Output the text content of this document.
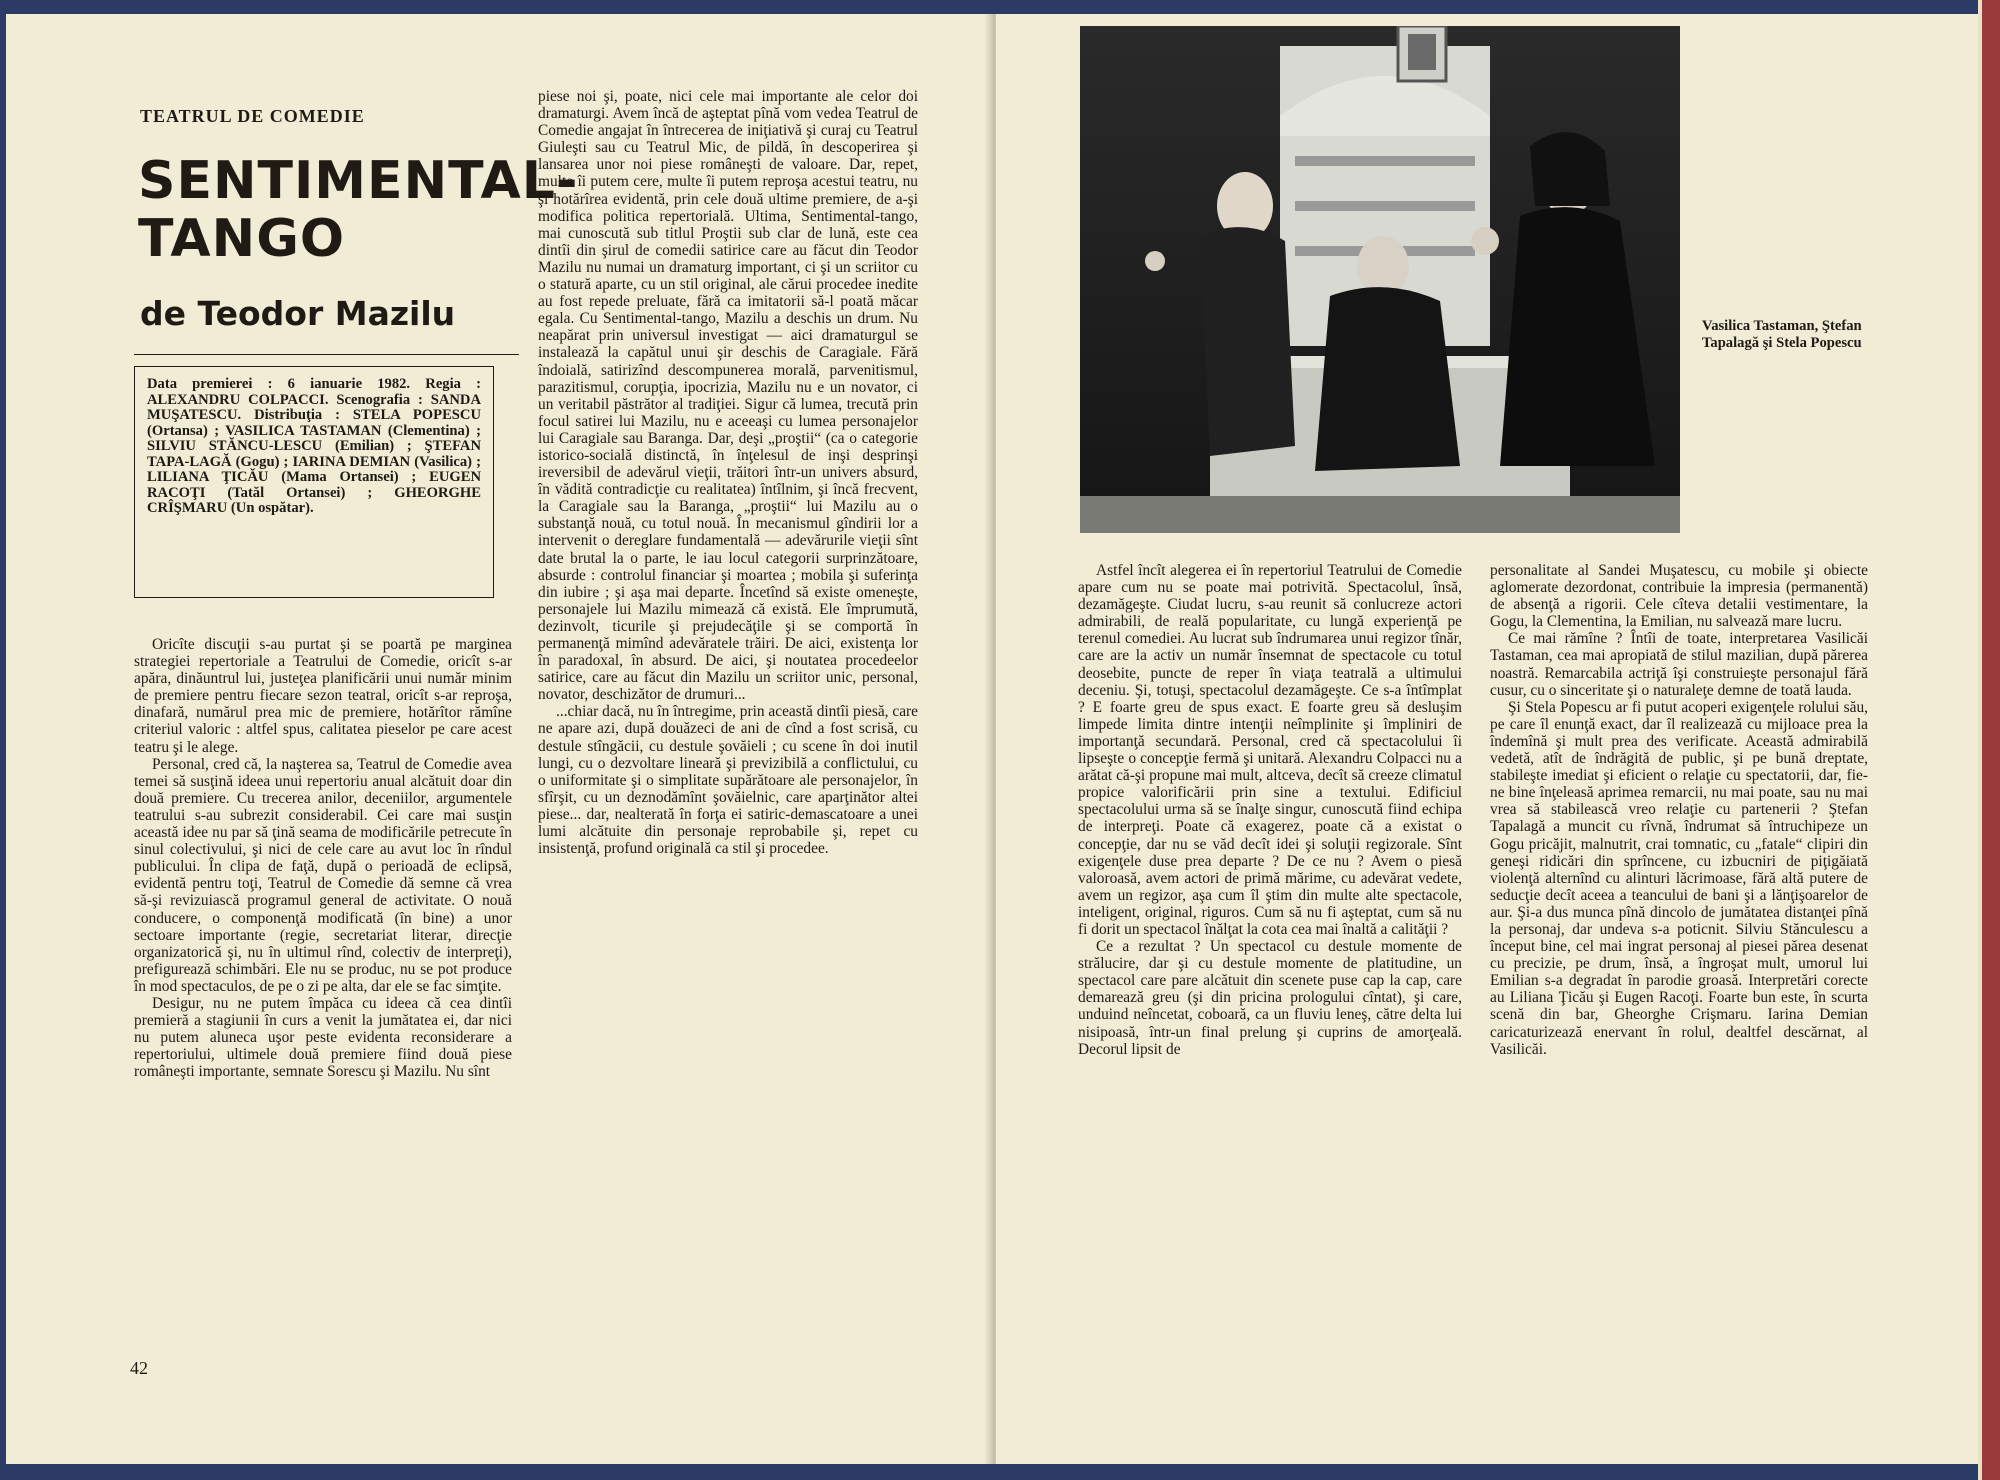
TEATRUL DE COMEDIE
SENTIMENTAL-
TANGO
de Teodor Mazilu
Data premierei : 6 ianuarie 1982. Regia : ALEXANDRU COLPACCI. Scenografia : SANDA MUŞATESCU. Distribuţia : STELA POPESCU (Ortansa) ; VASILICA TASTAMAN (Clementina) ; SILVIU STĂNCU-LESCU (Emilian) ; ŞTEFAN TAPA-LAGĂ (Gogu) ; IARINA DEMIAN (Vasilica) ; LILIANA ŢICĂU (Mama Ortansei) ; EUGEN RACOŢI (Tatăl Ortansei) ; GHEORGHE CRÎŞMARU (Un ospătar).

Oricîte discuţii s-au purtat şi se poartă pe marginea strategiei repertoriale a Teatrului de Comedie, oricît s-ar apăra, dinăuntrul lui, justeţea planificării unui număr minim de premiere pentru fiecare sezon teatral, oricît s-ar reproşa, dinafară, numărul prea mic de premiere, hotărîtor rămîne criteriul valoric : altfel spus, calitatea pieselor pe care acest teatru şi le alege.

Personal, cred că, la naşterea sa, Teatrul de Comedie avea temei să susţină ideea unui repertoriu anual alcătuit doar din două premiere. Cu trecerea anilor, deceniilor, argumentele teatrului s-au subrezit considerabil. Cei care mai susţin această idee nu par să ţină seama de modificările petrecute în sinul colectivului, şi nici de cele care au avut loc în rîndul publicului. În clipa de faţă, după o perioadă de eclipsă, evidentă pentru toţi, Teatrul de Comedie dă semne că vrea să-şi revizuiască programul general de activitate. O nouă conducere, o componenţă modificată (în bine) a unor sectoare importante (regie, secretariat literar, direcţie organizatorică şi, nu în ultimul rînd, colectiv de interpreţi), prefigurează schimbări. Ele nu se produc, nu se pot produce în mod spectaculos, de pe o zi pe alta, dar ele se fac simţite.

Desigur, nu ne putem împăca cu ideea că cea dintîi premieră a stagiunii în curs a venit la jumătatea ei, dar nici nu putem aluneca uşor peste evidenta reconsiderare a repertoriului, ultimele două premiere fiind două piese româneşti importante, semnate Sorescu şi Mazilu. Nu sînt

42

piese noi şi, poate, nici cele mai importante ale celor doi dramaturgi. Avem încă de aşteptat pînă vom vedea Teatrul de Comedie angajat în întrecerea de iniţiativă şi curaj cu Teatrul Giuleşti sau cu Teatrul Mic, de pildă, în descoperirea şi lansarea unor noi piese româneşti de valoare. Dar, repet, multe îi putem cere, multe îi putem reproşa acestui teatru, nu şi hotărîrea evidentă, prin cele două ultime premiere, de a-şi modifica politica repertorială. Ultima, Sentimental-tango, mai cunoscută sub titlul Proştii sub clar de lună, este cea dintîi din şirul de comedii satirice care au făcut din Teodor Mazilu nu numai un dramaturg important, ci şi un scriitor cu o statură aparte, cu un stil original, ale cărui procedee inedite au fost repede preluate, fără ca imitatorii să-l poată măcar egala. Cu Sentimental-tango, Mazilu a deschis un drum. Nu neapărat prin universul investigat — aici dramaturgul se instalează la capătul unui şir deschis de Caragiale. Fără îndoială, satirizînd descompunerea morală, parvenitismul, parazitismul, corupţia, ipocrizia, Mazilu nu e un novator, ci un veritabil păstrător al tradiţiei. Sigur că lumea, trecută prin focul satirei lui Mazilu, nu e aceeaşi cu lumea personajelor lui Caragiale sau Baranga. Dar, deşi „proştii“ (ca o categorie istorico-socială distinctă, în înţelesul de inşi desprinşi ireversibil de adevărul vieţii, trăitori într-un univers absurd, în vădită contradicţie cu realitatea) întîlnim, şi încă frecvent, la Caragiale sau la Baranga, „proştii“ lui Mazilu au o substanţă nouă, cu totul nouă. În mecanismul gîndirii lor a intervenit o dereglare fundamentală — adevărurile vieţii sînt date brutal la o parte, le iau locul categorii surprinzătoare, absurde : controlul financiar şi moartea ; mobila şi suferinţa din iubire ; şi aşa mai departe. Încetînd să existe omeneşte, personajele lui Mazilu mimează că există. Ele împrumută, dezinvolt, ticurile şi prejudecăţile şi se comportă în permanenţă mimînd adevăratele trăiri. De aici, existenţa lor în paradoxal, în absurd. De aici, şi noutatea procedeelor satirice, care au făcut din Mazilu un scriitor unic, personal, novator, deschizător de drumuri...

...chiar dacă, nu în întregime, prin această dintîi piesă, care ne apare azi, după douăzeci de ani de cînd a fost scrisă, cu destule stîngăcii, cu destule şovăieli ; cu scene în doi inutil lungi, cu o dezvoltare lineară şi previzibilă a conflictului, cu o uniformitate şi o simplitate supărătoare ale personajelor, în sfîrşit, cu un deznodămînt şovăielnic, care aparţinător altei piese... dar, nealterată în forţa ei satiric-demascatoare a unei lumi alcătuite din personaje reprobabile şi, repet cu insistenţă, profund originală ca stil şi procedee.

Vasilica Tastaman, Ştefan Tapalagă şi Stela Popescu

Astfel încît alegerea ei în repertoriul Teatrului de Comedie apare cum nu se poate mai potrivită. Spectacolul, însă, dezamăgeşte. Ciudat lucru, s-au reunit să conlucreze actori admirabili, de reală popularitate, cu lungă experienţă pe terenul comediei. Au lucrat sub îndrumarea unui regizor tînăr, care are la activ un număr însemnat de spectacole cu totul deosebite, puncte de reper în viaţa teatrală a ultimului deceniu. Şi, totuşi, spectacolul dezamăgeşte. Ce s-a întîmplat ? E foarte greu de spus exact. E foarte greu să desluşim limpede limita dintre intenţii neîmplinite şi împliniri de importanţă secundară. Personal, cred că spectacolului îi lipseşte o concepţie fermă şi unitară. Alexandru Colpacci nu a arătat că-şi propune mai mult, altceva, decît să creeze climatul propice valorificării prin sine a textului. Edificiul spectacolului urma să se înalţe singur, cunoscută fiind echipa de interpreţi. Poate că exagerez, poate că a existat o concepţie, dar nu se văd decît idei şi soluţii regizorale. Sînt exigenţele duse prea departe ? De ce nu ? Avem o piesă valoroasă, avem actori de primă mărime, cu adevărat vedete, avem un regizor, aşa cum îl ştim din multe alte spectacole, inteligent, original, riguros. Cum să nu fi aşteptat, cum să nu fi dorit un spectacol înălţat la cota cea mai înaltă a calităţii ?

Ce a rezultat ? Un spectacol cu destule momente de strălucire, dar şi cu destule momente de platitudine, un spectacol care pare alcătuit din scenete puse cap la cap, care demarează greu (şi din pricina prologului cîntat), şi care, unduind neîncetat, coboară, ca un fluviu leneş, către delta lui nisipoasă, într-un final prelung şi cuprins de amorţeală. Decorul lipsit de

personalitate al Sandei Muşatescu, cu mobile şi obiecte aglomerate dezordonat, contribuie la impresia (permanentă) de absenţă a rigorii. Cele cîteva detalii vestimentare, la Gogu, la Clementina, la Emilian, nu salvează mare lucru.

Ce mai rămîne ? Întîi de toate, interpretarea Vasilicăi Tastaman, cea mai apropiată de stilul mazilian, după părerea noastră. Remarcabila actriţă îşi construieşte personajul fără cusur, cu o sinceritate şi o naturaleţe demne de toată lauda.

Şi Stela Popescu ar fi putut acoperi exigenţele rolului său, pe care îl enunţă exact, dar îl realizează cu mijloace prea la îndemînă şi mult prea des verificate. Această admirabilă vedetă, atît de îndrăgită de public, şi pe bună dreptate, stabileşte imediat şi eficient o relaţie cu spectatorii, dar, fie-ne bine înţeleasă aprimea remarcii, nu mai poate, sau nu mai vrea să stabilească vreo relaţie cu partenerii ? Ştefan Tapalagă a muncit cu rîvnă, îndrumat să întruchipeze un Gogu pricăjit, malnutrit, crai tomnatic, cu „fatale“ clipiri din geneşi ridicări din sprîncene, cu izbucniri de piţigăiată violenţă alternînd cu alinturi lăcrimoase, fără altă putere de seducţie decît aceea a teancului de bani şi a lănţişoarelor de aur. Şi-a dus munca pînă dincolo de jumătatea distanţei pînă la personaj, dar undeva s-a poticnit. Silviu Stănculescu a început bine, cel mai ingrat personaj al piesei părea desenat cu precizie, pe drum, însă, a îngroşat mult, umorul lui Emilian s-a degradat în parodie groasă. Interpretări corecte au Liliana Ţicău şi Eugen Racoţi. Foarte bun este, în scurta scenă din bar, Gheorghe Crişmaru. Iarina Demian caricaturizează enervant în rolul, dealtfel descărnat, al Vasilicăi.
